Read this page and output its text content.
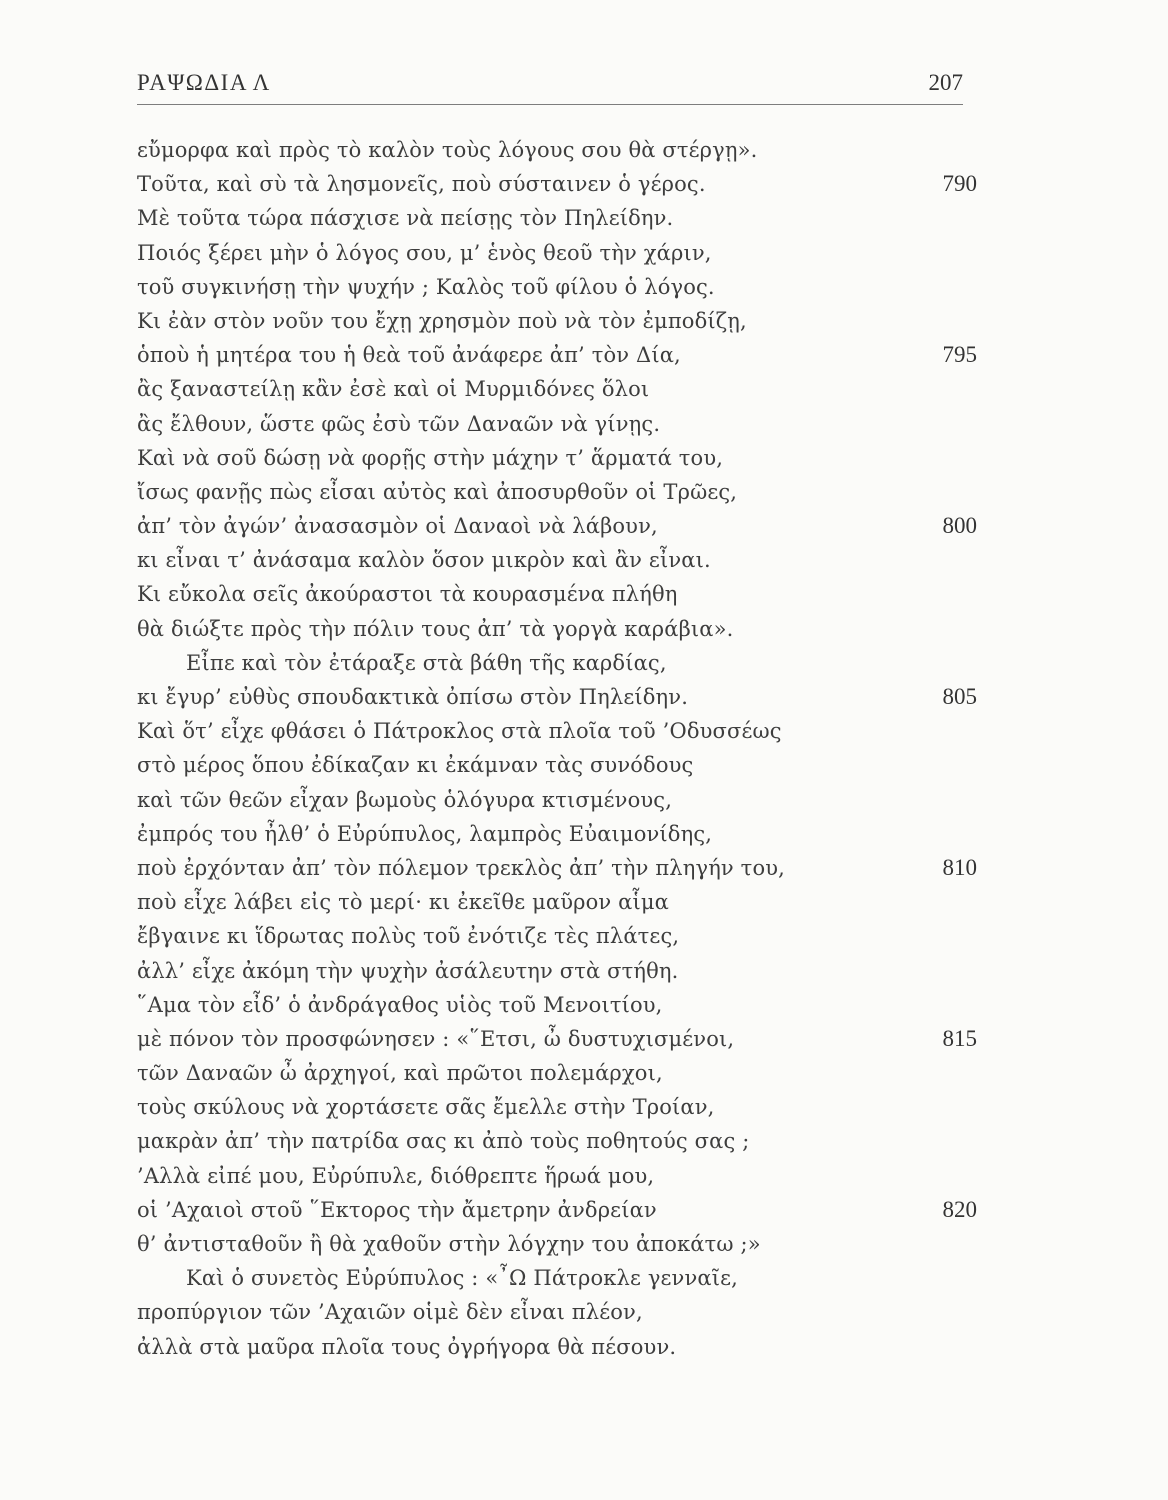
ΡΑΨΩΔΙΑ Λ	207
εὔμορφα καὶ πρὸς τὸ καλὸν τοὺς λόγους σου θὰ στέργῃ».
Τοῦτα, καὶ σὺ τὰ λησμονεῖς, ποὺ σύσταινεν ὁ γέρος.	790
Μὲ τοῦτα τώρα πάσχισε νὰ πείσῃς τὸν Πηλείδην.
Ποιός ξέρει μὴν ὁ λόγος σου, μ’ ἑνὸς θεοῦ τὴν χάριν,
τοῦ συγκινήσῃ τὴν ψυχήν ; Καλὸς τοῦ φίλου ὁ λόγος.
Κι ἐὰν στὸν νοῦν του ἔχῃ χρησμὸν ποὺ νὰ τὸν ἐμποδίζῃ,
ὁποὺ ἡ μητέρα του ἡ θεὰ τοῦ ἀνάφερε ἀπ’ τὸν Δία,	795
ἂς ξαναστείλῃ κἂν ἐσὲ καὶ οἱ Μυρμιδόνες ὅλοι
ἂς ἔλθουν, ὥστε φῶς ἐσὺ τῶν Δαναῶν νὰ γίνῃς.
Καὶ νὰ σοῦ δώσῃ νὰ φορῇς στὴν μάχην τ’ ἅρματά του,
ἴσως φανῇς πὼς εἶσαι αὐτὸς καὶ ἀποσυρθοῦν οἱ Τρῶες,
ἀπ’ τὸν ἀγών’ ἀνασασμὸν οἱ Δαναοὶ νὰ λάβουν,	800
κι εἶναι τ’ ἀνάσαμα καλὸν ὅσον μικρὸν καὶ ἂν εἶναι.
Κι εὔκολα σεῖς ἀκούραστοι τὰ κουρασμένα πλήθη
θὰ διώξτε πρὸς τὴν πόλιν τους ἀπ’ τὰ γοργὰ καράβια».
Εἶπε καὶ τὸν ἐτάραξε στὰ βάθη τῆς καρδίας,
κι ἔγυρ’ εὐθὺς σπουδακτικὰ ὀπίσω στὸν Πηλείδην.	805
Καὶ ὅτ’ εἶχε φθάσει ὁ Πάτροκλος στὰ πλοῖα τοῦ ’Οδυσσέως
στὸ μέρος ὅπου ἐδίκαζαν κι ἐκάμναν τὰς συνόδους
καὶ τῶν θεῶν εἶχαν βωμοὺς ὁλόγυρα κτισμένους,
ἐμπρός του ἦλθ’ ὁ Εὐρύπυλος, λαμπρὸς Εὐαιμονίδης,
ποὺ ἐρχόνταν ἀπ’ τὸν πόλεμον τρεκλὸς ἀπ’ τὴν πληγήν του,	810
ποὺ εἶχε λάβει εἰς τὸ μερί· κι ἐκεῖθε μαῦρον αἷμα
ἔβγαινε κι ἵδρωτας πολὺς τοῦ ἐνότιζε τὲς πλάτες,
ἀλλ’ εἶχε ἀκόμη τὴν ψυχὴν ἀσάλευτην στὰ στήθη.
῞Αμα τὸν εἶδ’ ὁ ἀνδράγαθος υἱὸς τοῦ Μενοιτίου,
μὲ πόνον τὸν προσφώνησεν : «῞Ετσι, ὦ δυστυχισμένοι,	815
τῶν Δαναῶν ὦ ἀρχηγοί, καὶ πρῶτοι πολεμάρχοι,
τοὺς σκύλους νὰ χορτάσετε σᾶς ἔμελλε στὴν Τροίαν,
μακρὰν ἀπ’ τὴν πατρίδα σας κι ἀπὸ τοὺς ποθητούς σας ;
’Αλλὰ εἰπέ μου, Εὐρύπυλε, διόθρεπτε ἥρωά μου,
οἱ ’Αχαιοὶ στοῦ ῞Εκτορος τὴν ἄμετρην ἀνδρείαν	820
θ’ ἀντισταθοῦν ἢ θὰ χαθοῦν στὴν λόγχην του ἀποκάτω ;»
Καὶ ὁ συνετὸς Εὐρύπυλος : «῏Ω Πάτροκλε γενναῖε,
προπύργιον τῶν ’Αχαιῶν οἱμὲ δὲν εἶναι πλέον,
ἀλλὰ στὰ μαῦρα πλοῖα τους ὀγρήγορα θὰ πέσουν.
